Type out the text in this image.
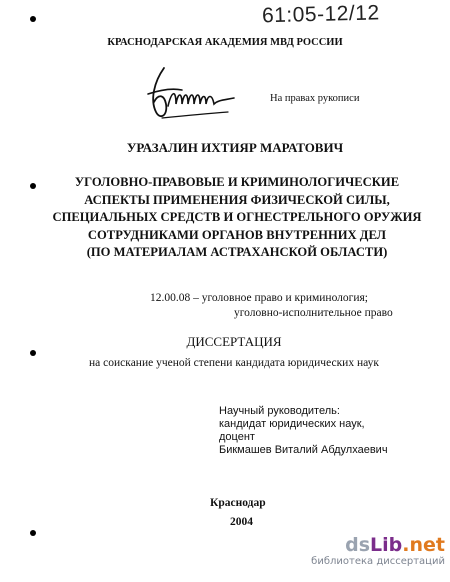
61:05-12/12
КРАСНОДАРСКАЯ АКАДЕМИЯ МВД РОССИИ
На правах рукописи
УРАЗАЛИН ИХТИЯР МАРАТОВИЧ
УГОЛОВНО-ПРАВОВЫЕ И КРИМИНОЛОГИЧЕСКИЕ
АСПЕКТЫ ПРИМЕНЕНИЯ ФИЗИЧЕСКОЙ СИЛЫ,
СПЕЦИАЛЬНЫХ СРЕДСТВ И ОГНЕСТРЕЛЬНОГО ОРУЖИЯ
СОТРУДНИКАМИ ОРГАНОВ ВНУТРЕННИХ ДЕЛ
(ПО МАТЕРИАЛАМ АСТРАХАНСКОЙ ОБЛАСТИ)
12.00.08 – уголовное право и криминология;
уголовно-исполнительное право
ДИССЕРТАЦИЯ
на соискание ученой степени кандидата юридических наук
Научный руководитель:
кандидат юридических наук,
доцент
Бикмашев Виталий Абдулхаевич
Краснодар
2004
dsLib.net
библиотека диссертаций
